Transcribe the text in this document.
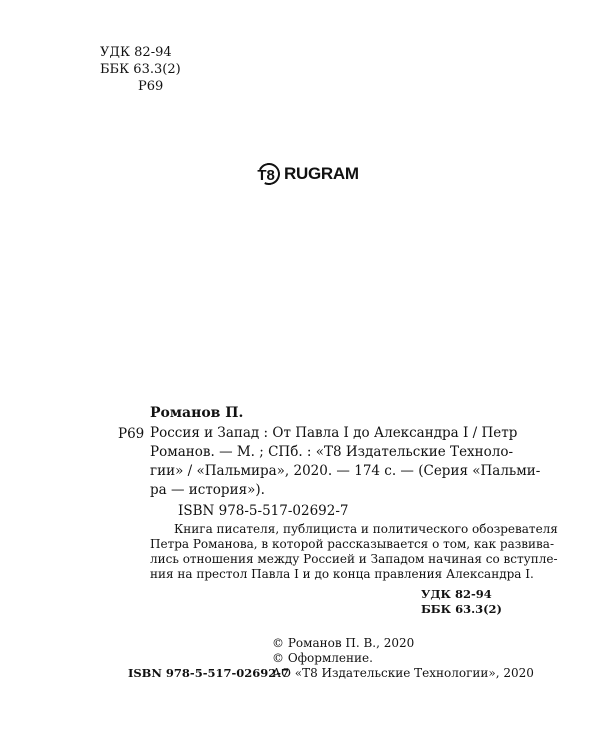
УДК 82-94
ББК 63.3(2)
Р69
T8 RUGRAM
Романов П.
Р69 Россия и Запад : От Павла I до Александра I / Петр
Романов. — М. ; СПб. : «Т8 Издательские Техноло-
гии» / «Пальмира», 2020. — 174 с. — (Серия «Пальми-
ра — история»).
ISBN 978-5-517-02692-7
Книга писателя, публициста и политического обозревателя
Петра Романова, в которой рассказывается о том, как развива-
лись отношения между Россией и Западом начиная со вступле-
ния на престол Павла I и до конца правления Александра I.
УДК 82-94
ББК 63.3(2)
© Романов П. В., 2020
© Оформление.
АО «Т8 Издательские Технологии», 2020
ISBN 978-5-517-02692-7
